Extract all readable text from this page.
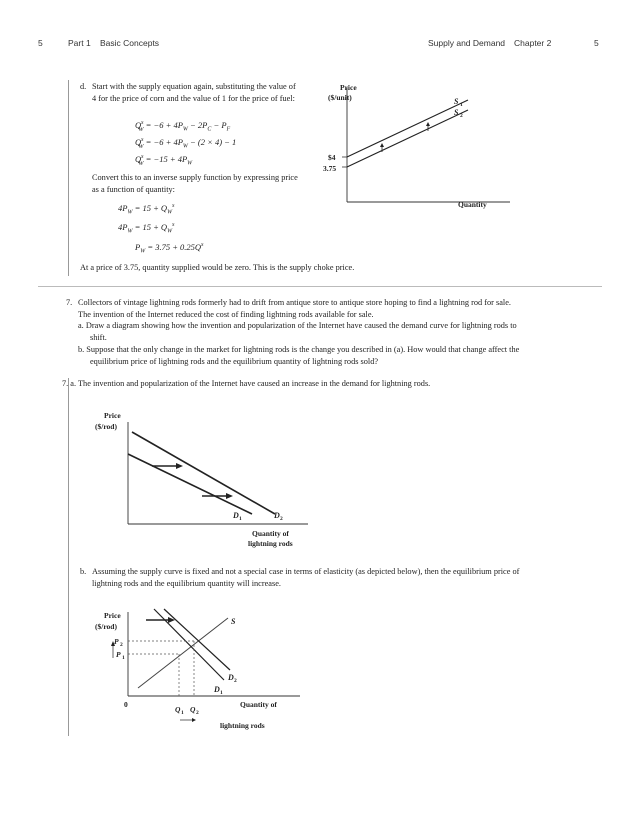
5	Part 1 Basic Concepts	Supply and Demand Chapter 2	5
d. Start with the supply equation again, substituting the value of 4 for the price of corn and the value of 1 for the price of fuel:
$Q^s_W = -6 + 4P_W - 2P_C - P_F$
$Q^s_W = -6 + 4P_W - (2 \times 4) - 1$
$Q^s_W = -15 + 4P_W$
Convert this to an inverse supply function by expressing price as a function of quantity:
$4P_W = 15 + Q_W^s$
$4P_W = 15 + Q_W^s$
$P_W = 3.75 + 0.25Q^s$
At a price of 3.75, quantity supplied would be zero. This is the supply choke price.
Price
($/unit)
$4
3.75
Quantity
S 1
S 2
7. Collectors of vintage lightning rods formerly had to drift from antique store to antique store hoping to find a lightning rod for sale. The invention of the Internet reduced the cost of finding lightning rods available for sale.
a. Draw a diagram showing how the invention and popularization of the Internet have caused the demand curve for lightning rods to shift.
b. Suppose that the only change in the market for lightning rods is the change you described in (a). How would that change affect the equilibrium price of lightning rods and the equilibrium quantity of lightning rods sold?
7. a. The invention and popularization of the Internet have caused an increase in the demand for lightning rods.
Price
($/rod)
D 1	D 2
Quantity of
lightning rods
b. Assuming the supply curve is fixed and not a special case in terms of elasticity (as depicted below), then the equilibrium price of lightning rods and the equilibrium quantity will increase.
Price
($/rod)
S
D 2
D 1
P 2
P 1
0
Q 1 Q 2
Quantity of
lightning rods
